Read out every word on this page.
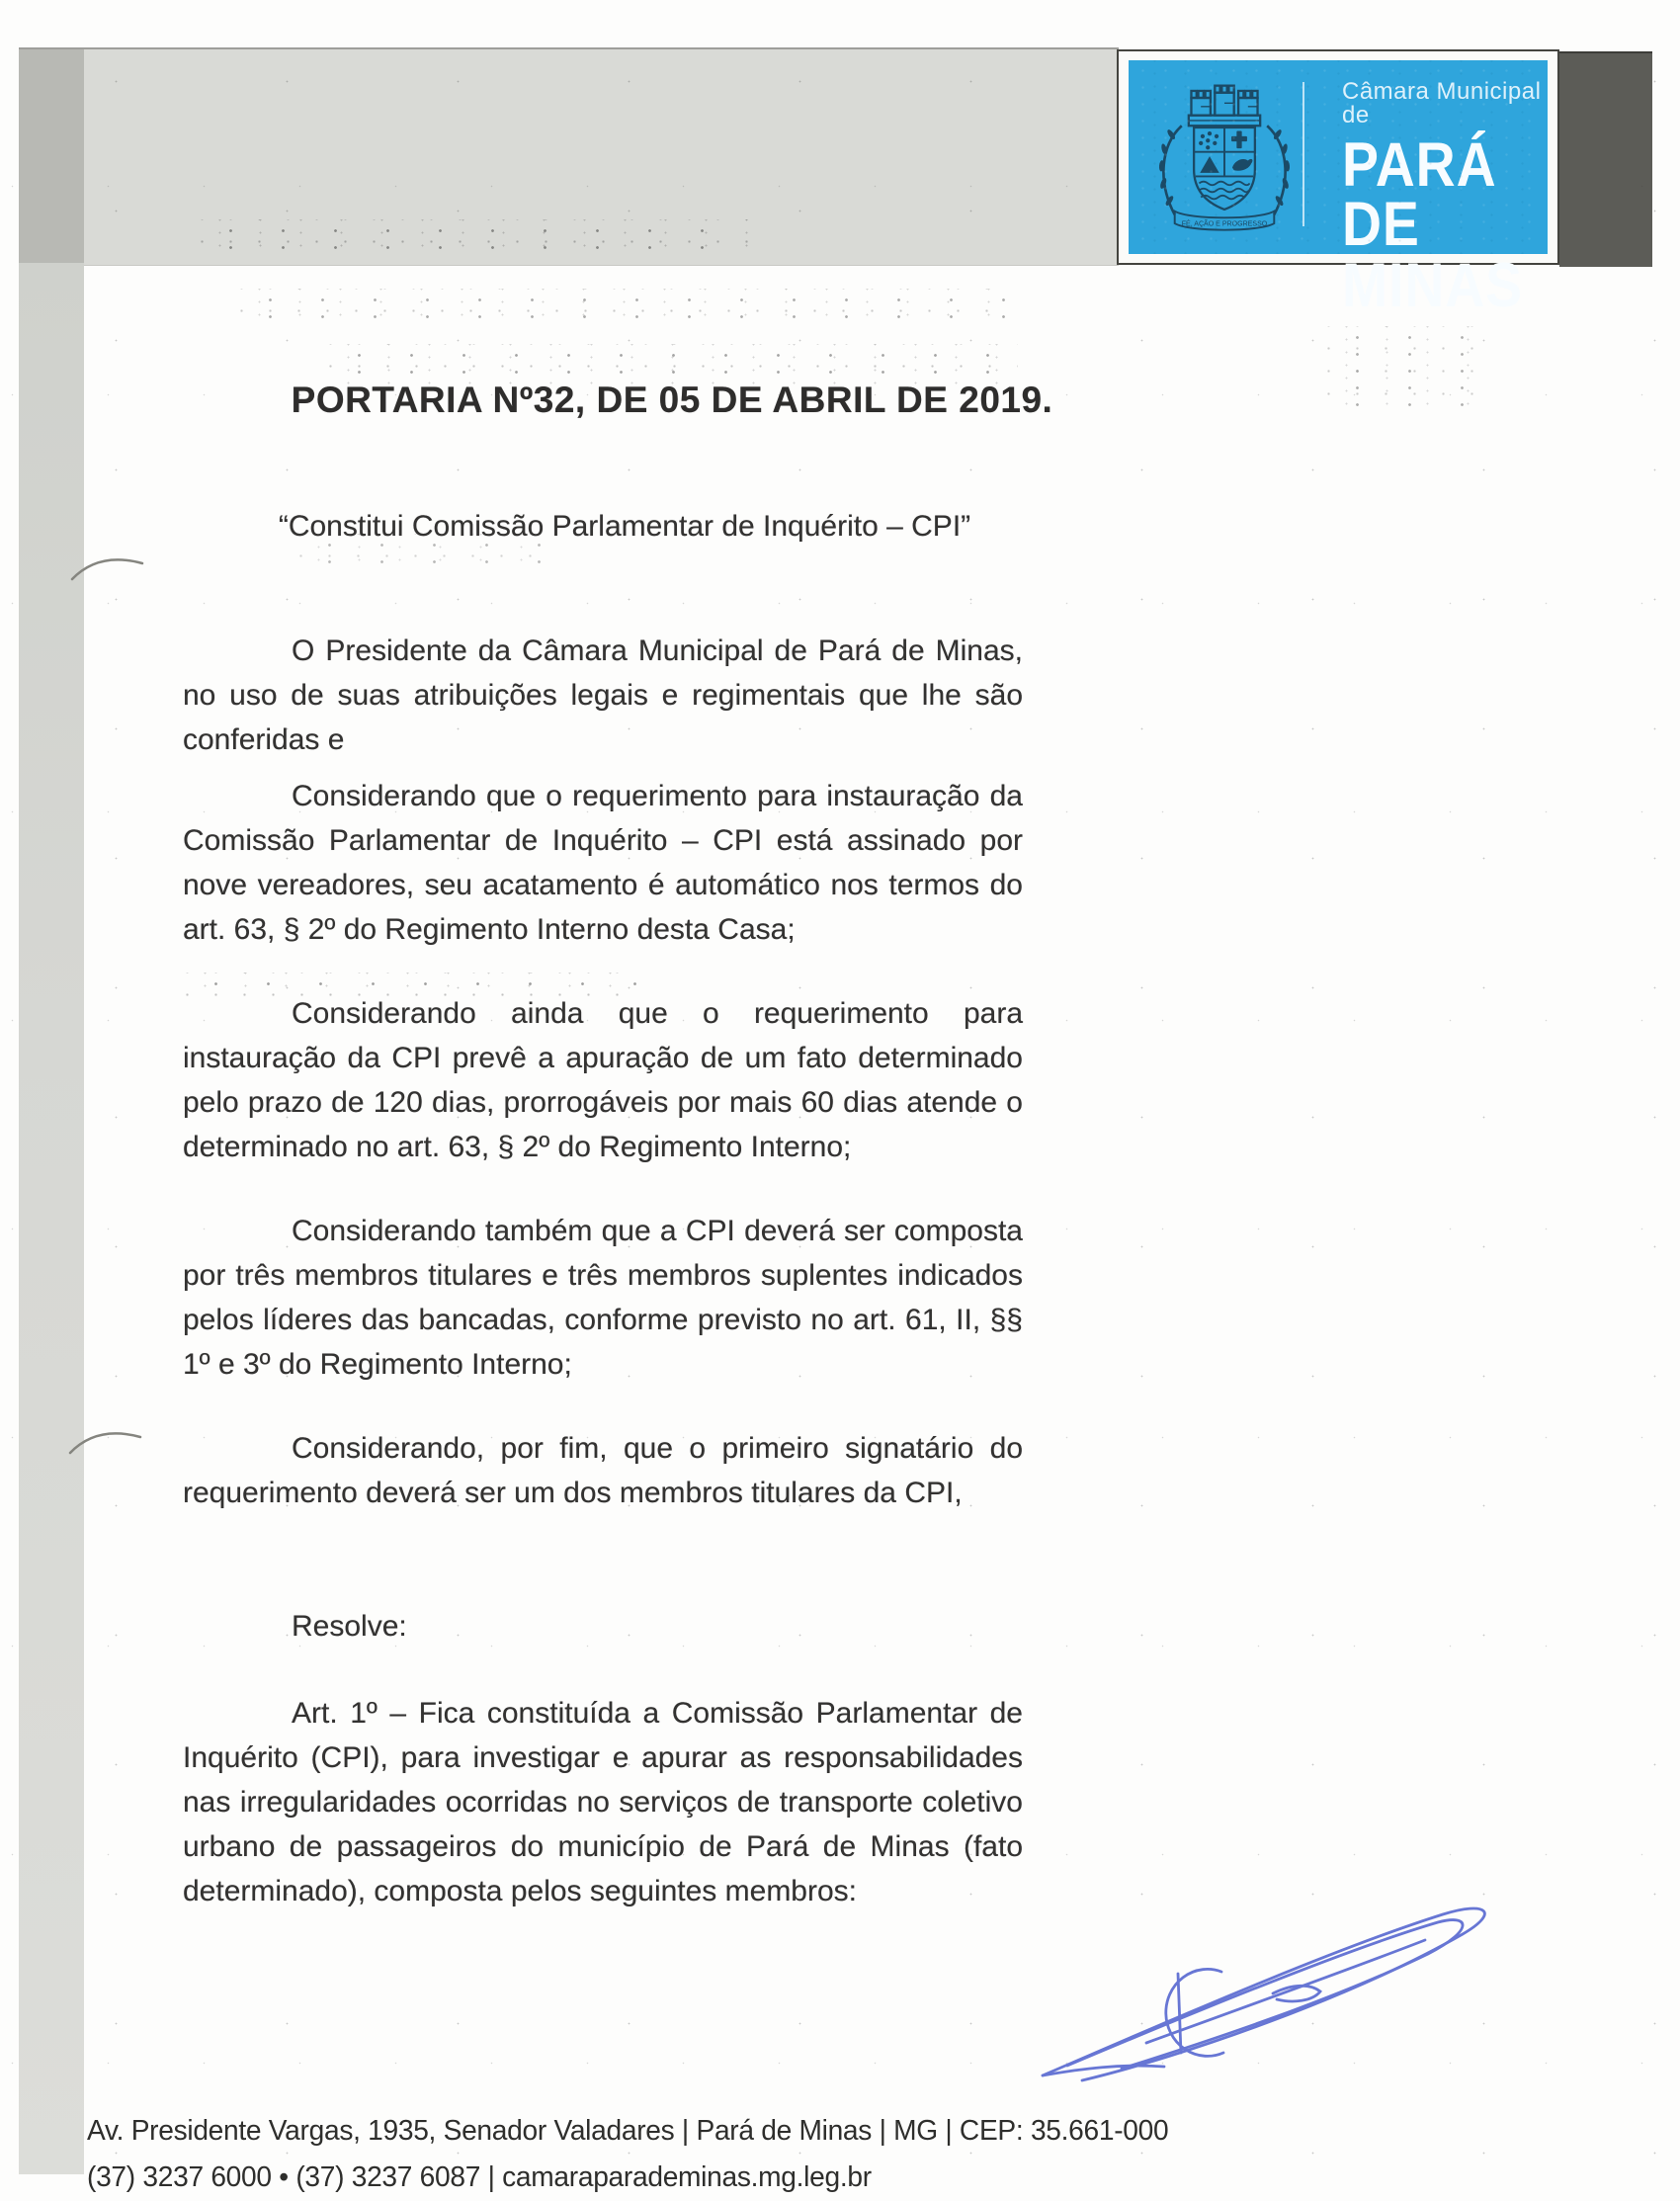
FÉ, AÇÃO E PROGRESSO

Câmara Municipal de

PARÁ DE

MINAS

PORTARIA Nº32, DE 05 DE ABRIL DE 2019.

“Constitui Comissão Parlamentar de Inquérito – CPI”

O Presidente da Câmara Municipal de Pará de Minas, no uso de suas atribuições legais e regimentais que lhe são conferidas e

Considerando que o requerimento para instauração da Comissão Parlamentar de Inquérito – CPI está assinado por nove vereadores, seu acatamento é automático nos termos do art. 63, § 2º do Regimento Interno desta Casa;

Considerando ainda que o requerimento para instauração da CPI prevê a apuração de um fato determinado pelo prazo de 120 dias, prorrogáveis por mais 60 dias atende o determinado no art. 63, § 2º do Regimento Interno;

Considerando também que a CPI deverá ser composta por três membros titulares e três membros suplentes indicados pelos líderes das bancadas, conforme previsto no art. 61, II, §§ 1º e 3º do Regimento Interno;

Considerando, por fim, que o primeiro signatário do requerimento deverá ser um dos membros titulares da CPI,

Resolve:

Art. 1º – Fica constituída a Comissão Parlamentar de Inquérito (CPI), para investigar e apurar as responsabilidades nas irregularidades ocorridas no serviços de transporte coletivo urbano de passageiros do município de Pará de Minas (fato determinado), composta pelos seguintes membros:

Av. Presidente Vargas, 1935, Senador Valadares | Pará de Minas | MG | CEP: 35.661-000
(37) 3237 6000 • (37) 3237 6087 | camaraparademinas.mg.leg.br
